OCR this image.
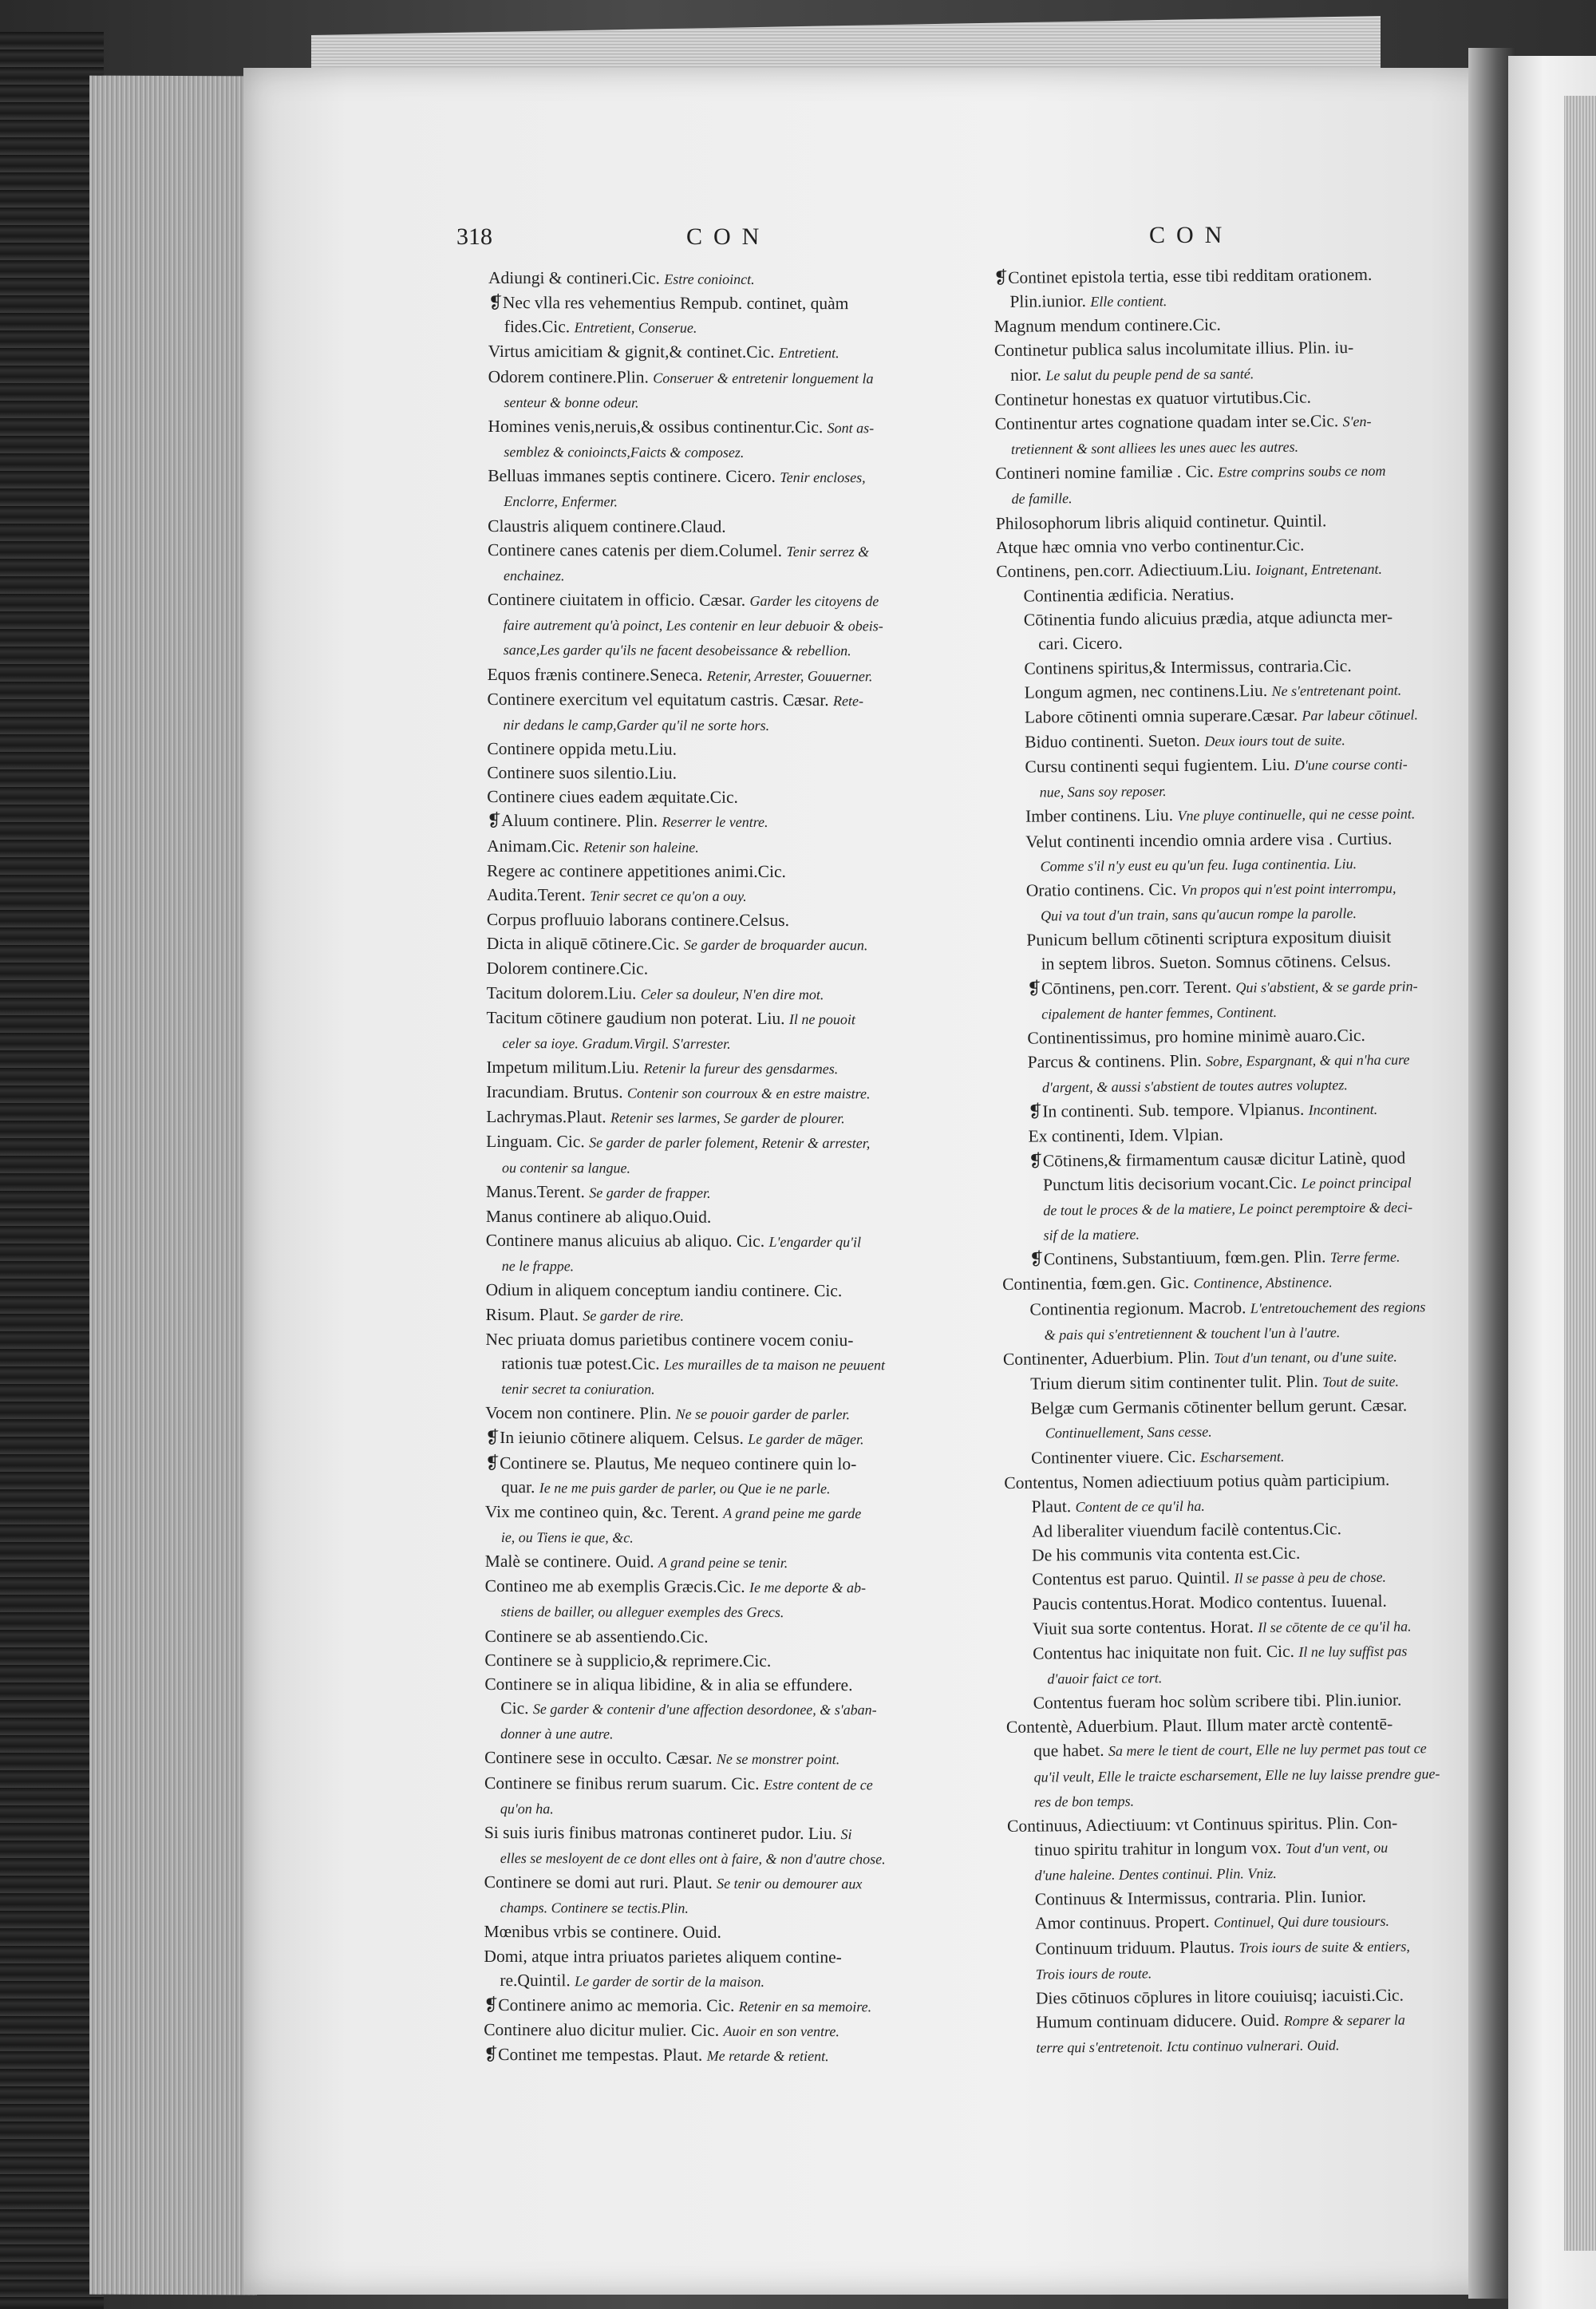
318	CON	CON
Adiungi & contineri.Cic. Estre conioinct.
❡Nec vlla res vehementius Rempub. continet, quàm
fides.Cic. Entretient, Conserue.
Virtus amicitiam & gignit,& continet.Cic. Entretient.
Odorem continere.Plin. Conseruer & entretenir longuement la
senteur & bonne odeur.
Homines venis,neruis,& ossibus continentur.Cic. Sont as-
semblez & conioincts,Faicts & composez.
Belluas immanes septis continere. Cicero. Tenir encloses,
Enclorre, Enfermer.
Claustris aliquem continere.Claud.
Continere canes catenis per diem.Columel. Tenir serrez &
enchainez.
Continere ciuitatem in officio. Cæsar. Garder les citoyens de
faire autrement qu'à poinct, Les contenir en leur debuoir & obeis-
sance,Les garder qu'ils ne facent desobeissance & rebellion.
Equos frænis continere.Seneca. Retenir, Arrester, Gouuerner.
Continere exercitum vel equitatum castris. Cæsar. Rete-
nir dedans le camp,Garder qu'il ne sorte hors.
Continere oppida metu.Liu.
Continere suos silentio.Liu.
Continere ciues eadem æquitate.Cic.
❡Aluum continere. Plin. Reserrer le ventre.
Animam.Cic. Retenir son haleine.
Regere ac continere appetitiones animi.Cic.
Audita.Terent. Tenir secret ce qu'on a ouy.
Corpus profluuio laborans continere.Celsus.
Dicta in aliquē cōtinere.Cic. Se garder de broquarder aucun.
Dolorem continere.Cic.
Tacitum dolorem.Liu. Celer sa douleur, N'en dire mot.
Tacitum cōtinere gaudium non poterat. Liu. Il ne pouoit
celer sa ioye. Gradum.Virgil. S'arrester.
Impetum militum.Liu. Retenir la fureur des gensdarmes.
Iracundiam. Brutus. Contenir son courroux & en estre maistre.
Lachrymas.Plaut. Retenir ses larmes, Se garder de plourer.
Linguam. Cic. Se garder de parler folement, Retenir & arrester,
ou contenir sa langue.
Manus.Terent. Se garder de frapper.
Manus continere ab aliquo.Ouid.
Continere manus alicuius ab aliquo. Cic. L'engarder qu'il
ne le frappe.
Odium in aliquem conceptum iandiu continere. Cic.
Risum. Plaut. Se garder de rire.
Nec priuata domus parietibus continere vocem coniu-
rationis tuæ potest.Cic. Les murailles de ta maison ne peuuent
tenir secret ta coniuration.
Vocem non continere. Plin. Ne se pouoir garder de parler.
❡In ieiunio cōtinere aliquem. Celsus. Le garder de māger.
❡Continere se. Plautus, Me nequeo continere quin lo-
quar. Ie ne me puis garder de parler, ou Que ie ne parle.
Vix me contineo quin, &c. Terent. A grand peine me garde
ie, ou Tiens ie que, &c.
Malè se continere. Ouid. A grand peine se tenir.
Contineo me ab exemplis Græcis.Cic. Ie me deporte & ab-
stiens de bailler, ou alleguer exemples des Grecs.
Continere se ab assentiendo.Cic.
Continere se à supplicio,& reprimere.Cic.
Continere se in aliqua libidine, & in alia se effundere.
Cic. Se garder & contenir d'une affection desordonee, & s'aban-
donner à une autre.
Continere sese in occulto. Cæsar. Ne se monstrer point.
Continere se finibus rerum suarum. Cic. Estre content de ce
qu'on ha.
Si suis iuris finibus matronas contineret pudor. Liu. Si
elles se mesloyent de ce dont elles ont à faire, & non d'autre chose.
Continere se domi aut ruri. Plaut. Se tenir ou demourer aux
champs. Continere se tectis.Plin.
Mœnibus vrbis se continere. Ouid.
Domi, atque intra priuatos parietes aliquem contine-
re.Quintil. Le garder de sortir de la maison.
❡Continere animo ac memoria. Cic. Retenir en sa memoire.
Continere aluo dicitur mulier. Cic. Auoir en son ventre.
❡Continet me tempestas. Plaut. Me retarde & retient.
❡Continet epistola tertia, esse tibi redditam orationem.
Plin.iunior. Elle contient.
Magnum mendum continere.Cic.
Continetur publica salus incolumitate illius. Plin. iu-
nior. Le salut du peuple pend de sa santé.
Continetur honestas ex quatuor virtutibus.Cic.
Continentur artes cognatione quadam inter se.Cic. S'en-
tretiennent & sont alliees les unes auec les autres.
Contineri nomine familiæ . Cic. Estre comprins soubs ce nom
de famille.
Philosophorum libris aliquid continetur. Quintil.
Atque hæc omnia vno verbo continentur.Cic.
Continens, pen.corr. Adiectiuum.Liu. Ioignant, Entretenant.
Continentia ædificia. Neratius.
Cōtinentia fundo alicuius prædia, atque adiuncta mer-
cari. Cicero.
Continens spiritus,& Intermissus, contraria.Cic.
Longum agmen, nec continens.Liu. Ne s'entretenant point.
Labore cōtinenti omnia superare.Cæsar. Par labeur cōtinuel.
Biduo continenti. Sueton. Deux iours tout de suite.
Cursu continenti sequi fugientem. Liu. D'une course conti-
nue, Sans soy reposer.
Imber continens. Liu. Vne pluye continuelle, qui ne cesse point.
Velut continenti incendio omnia ardere visa . Curtius.
Comme s'il n'y eust eu qu'un feu. Iuga continentia. Liu.
Oratio continens. Cic. Vn propos qui n'est point interrompu,
Qui va tout d'un train, sans qu'aucun rompe la parolle.
Punicum bellum cōtinenti scriptura expositum diuisit
in septem libros. Sueton. Somnus cōtinens. Celsus.
❡Cōntinens, pen.corr. Terent. Qui s'abstient, & se garde prin-
cipalement de hanter femmes, Continent.
Continentissimus, pro homine minimè auaro.Cic.
Parcus & continens. Plin. Sobre, Espargnant, & qui n'ha cure
d'argent, & aussi s'abstient de toutes autres voluptez.
❡In continenti. Sub. tempore. Vlpianus. Incontinent.
Ex continenti, Idem. Vlpian.
❡Cōtinens,& firmamentum causæ dicitur Latinè, quod
Punctum litis decisorium vocant.Cic. Le poinct principal
de tout le proces & de la matiere, Le poinct peremptoire & deci-
sif de la matiere.
❡Continens, Substantiuum, fœm.gen. Plin. Terre ferme.
Continentia, fœm.gen. Gic. Continence, Abstinence.
Continentia regionum. Macrob. L'entretouchement des regions
& pais qui s'entretiennent & touchent l'un à l'autre.
Continenter, Aduerbium. Plin. Tout d'un tenant, ou d'une suite.
Trium dierum sitim continenter tulit. Plin. Tout de suite.
Belgæ cum Germanis cōtinenter bellum gerunt. Cæsar.
Continuellement, Sans cesse.
Continenter viuere. Cic. Escharsement.
Contentus, Nomen adiectiuum potius quàm participium.
Plaut. Content de ce qu'il ha.
Ad liberaliter viuendum facilè contentus.Cic.
De his communis vita contenta est.Cic.
Contentus est paruo. Quintil. Il se passe à peu de chose.
Paucis contentus.Horat. Modico contentus. Iuuenal.
Viuit sua sorte contentus. Horat. Il se cōtente de ce qu'il ha.
Contentus hac iniquitate non fuit. Cic. Il ne luy suffist pas
d'auoir faict ce tort.
Contentus fueram hoc solùm scribere tibi. Plin.iunior.
Contentè, Aduerbium. Plaut. Illum mater arctè contentē-
que habet. Sa mere le tient de court, Elle ne luy permet pas tout ce
qu'il veult, Elle le traicte escharsement, Elle ne luy laisse prendre gue-
res de bon temps.
Continuus, Adiectiuum: vt Continuus spiritus. Plin. Con-
tinuo spiritu trahitur in longum vox. Tout d'un vent, ou
d'une haleine. Dentes continui. Plin. Vniz.
Continuus & Intermissus, contraria. Plin. Iunior.
Amor continuus. Propert. Continuel, Qui dure tousiours.
Continuum triduum. Plautus. Trois iours de suite & entiers,
Trois iours de route.
Dies cōtinuos cōplures in litore couiuisq; iacuisti.Cic.
Humum continuam diducere. Ouid. Rompre & separer la
terre qui s'entretenoit. Ictu continuo vulnerari. Ouid.
